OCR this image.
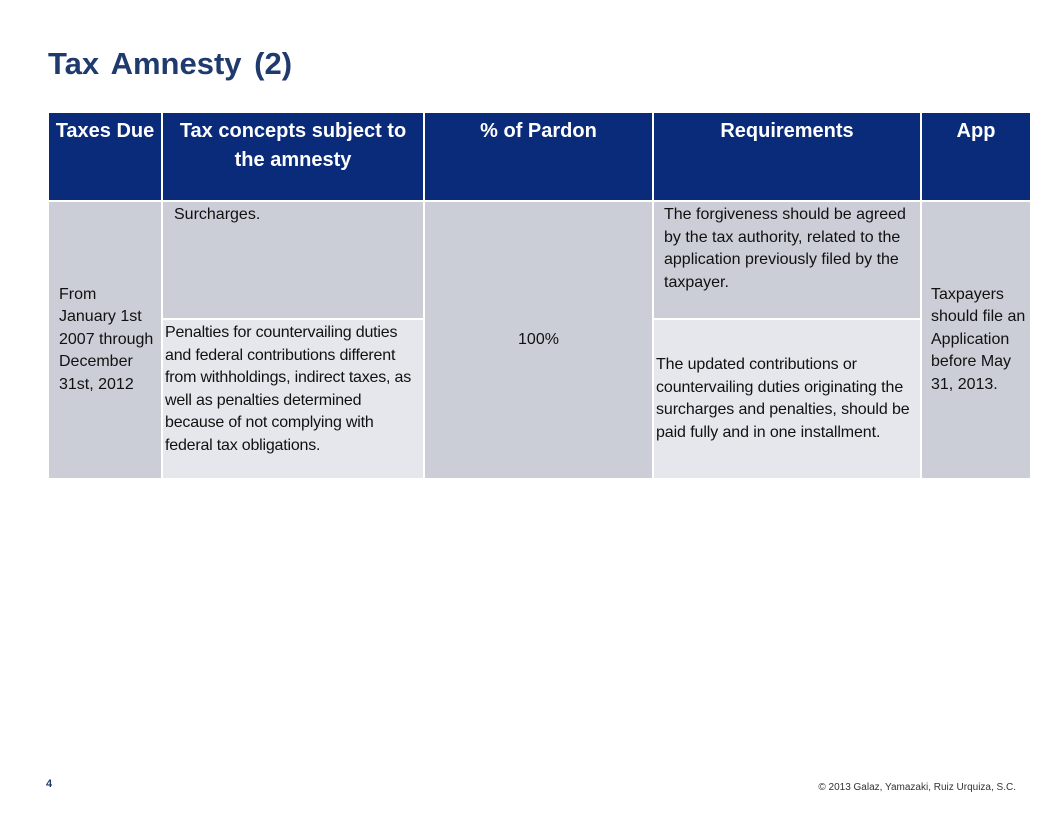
Tax Amnesty (2)
Taxes Due	Tax concepts subject to the amnesty	% of Pardon	Requirements	App
From January 1st 2007 through December 31st, 2012	Surcharges.	100%	The forgiveness should be agreed by the tax authority, related to the application previously filed by the taxpayer.	Taxpayers should file an Application before May 31, 2013.
	Penalties for countervailing duties and federal contributions different from withholdings, indirect taxes, as well as penalties determined because of not complying with federal tax obligations.		The updated contributions or countervailing duties originating the surcharges and penalties, should be paid fully and in one installment.	
4	© 2013 Galaz, Yamazaki, Ruiz Urquiza, S.C.
